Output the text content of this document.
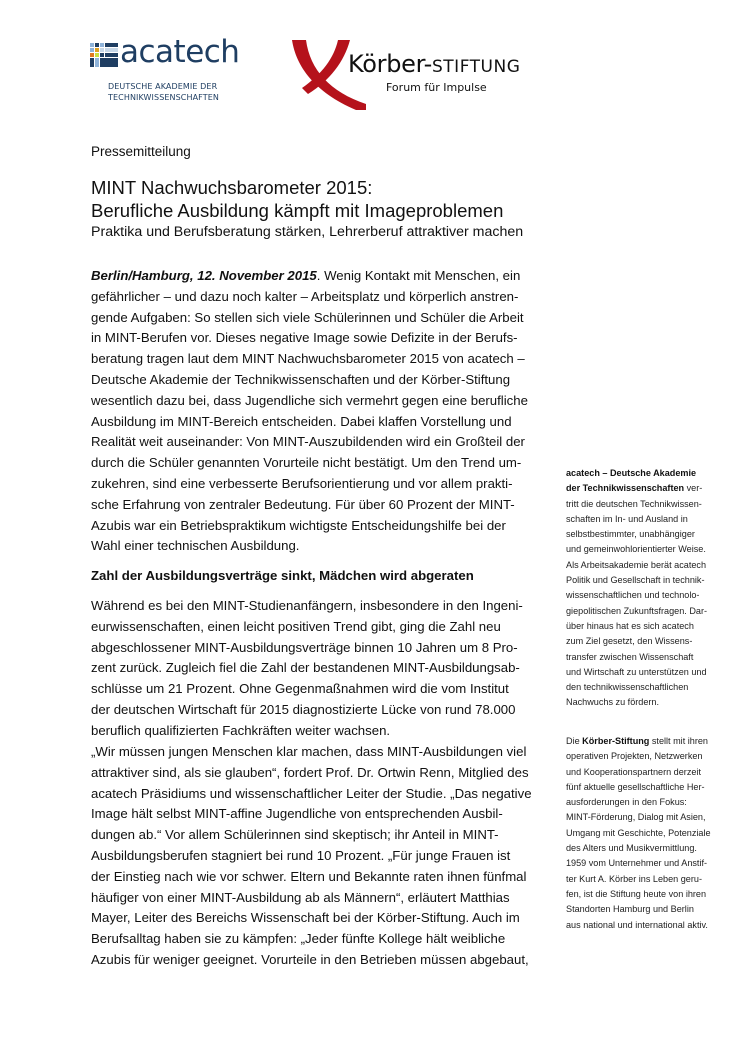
acatech
DEUTSCHE AKADEMIE DER
TECHNIKWISSENSCHAFTEN
Körber-STIFTUNG
Forum für Impulse
Pressemitteilung
MINT Nachwuchsbarometer 2015:
Berufliche Ausbildung kämpft mit Imageproblemen
Praktika und Berufsberatung stärken, Lehrerberuf attraktiver machen
Berlin/Hamburg, 12. November 2015. Wenig Kontakt mit Menschen, ein
gefährlicher – und dazu noch kalter – Arbeitsplatz und körperlich anstren-
gende Aufgaben: So stellen sich viele Schülerinnen und Schüler die Arbeit
in MINT-Berufen vor. Dieses negative Image sowie Defizite in der Berufs-
beratung tragen laut dem MINT Nachwuchsbarometer 2015 von acatech –
Deutsche Akademie der Technikwissenschaften und der Körber-Stiftung
wesentlich dazu bei, dass Jugendliche sich vermehrt gegen eine berufliche
Ausbildung im MINT-Bereich entscheiden. Dabei klaffen Vorstellung und
Realität weit auseinander: Von MINT-Auszubildenden wird ein Großteil der
durch die Schüler genannten Vorurteile nicht bestätigt. Um den Trend um-
zukehren, sind eine verbesserte Berufsorientierung und vor allem prakti-
sche Erfahrung von zentraler Bedeutung. Für über 60 Prozent der MINT-
Azubis war ein Betriebspraktikum wichtigste Entscheidungshilfe bei der
Wahl einer technischen Ausbildung.
Zahl der Ausbildungsverträge sinkt, Mädchen wird abgeraten
Während es bei den MINT-Studienanfängern, insbesondere in den Ingeni-
eurwissenschaften, einen leicht positiven Trend gibt, ging die Zahl neu
abgeschlossener MINT-Ausbildungsverträge binnen 10 Jahren um 8 Pro-
zent zurück. Zugleich fiel die Zahl der bestandenen MINT-Ausbildungsab-
schlüsse um 21 Prozent. Ohne Gegenmaßnahmen wird die vom Institut
der deutschen Wirtschaft für 2015 diagnostizierte Lücke von rund 78.000
beruflich qualifizierten Fachkräften weiter wachsen.
„Wir müssen jungen Menschen klar machen, dass MINT-Ausbildungen viel
attraktiver sind, als sie glauben“, fordert Prof. Dr. Ortwin Renn, Mitglied des
acatech Präsidiums und wissenschaftlicher Leiter der Studie. „Das negative
Image hält selbst MINT-affine Jugendliche von entsprechenden Ausbil-
dungen ab.“ Vor allem Schülerinnen sind skeptisch; ihr Anteil in MINT-
Ausbildungsberufen stagniert bei rund 10 Prozent. „Für junge Frauen ist
der Einstieg nach wie vor schwer. Eltern und Bekannte raten ihnen fünfmal
häufiger von einer MINT-Ausbildung ab als Männern“, erläutert Matthias
Mayer, Leiter des Bereichs Wissenschaft bei der Körber-Stiftung. Auch im
Berufsalltag haben sie zu kämpfen: „Jeder fünfte Kollege hält weibliche
Azubis für weniger geeignet. Vorurteile in den Betrieben müssen abgebaut,
acatech – Deutsche Akademie
der Technikwissenschaften ver-
tritt die deutschen Technikwissen-
schaften im In- und Ausland in
selbstbestimmter, unabhängiger
und gemeinwohlorientierter Weise.
Als Arbeitsakademie berät acatech
Politik und Gesellschaft in technik-
wissenschaftlichen und technolo-
giepolitischen Zukunftsfragen. Dar-
über hinaus hat es sich acatech
zum Ziel gesetzt, den Wissens-
transfer zwischen Wissenschaft
und Wirtschaft zu unterstützen und
den technikwissenschaftlichen
Nachwuchs zu fördern.
Die Körber-Stiftung stellt mit ihren
operativen Projekten, Netzwerken
und Kooperationspartnern derzeit
fünf aktuelle gesellschaftliche Her-
ausforderungen in den Fokus:
MINT-Förderung, Dialog mit Asien,
Umgang mit Geschichte, Potenziale
des Alters und Musikvermittlung.
1959 vom Unternehmer und Anstif-
ter Kurt A. Körber ins Leben geru-
fen, ist die Stiftung heute von ihren
Standorten Hamburg und Berlin
aus national und international aktiv.
